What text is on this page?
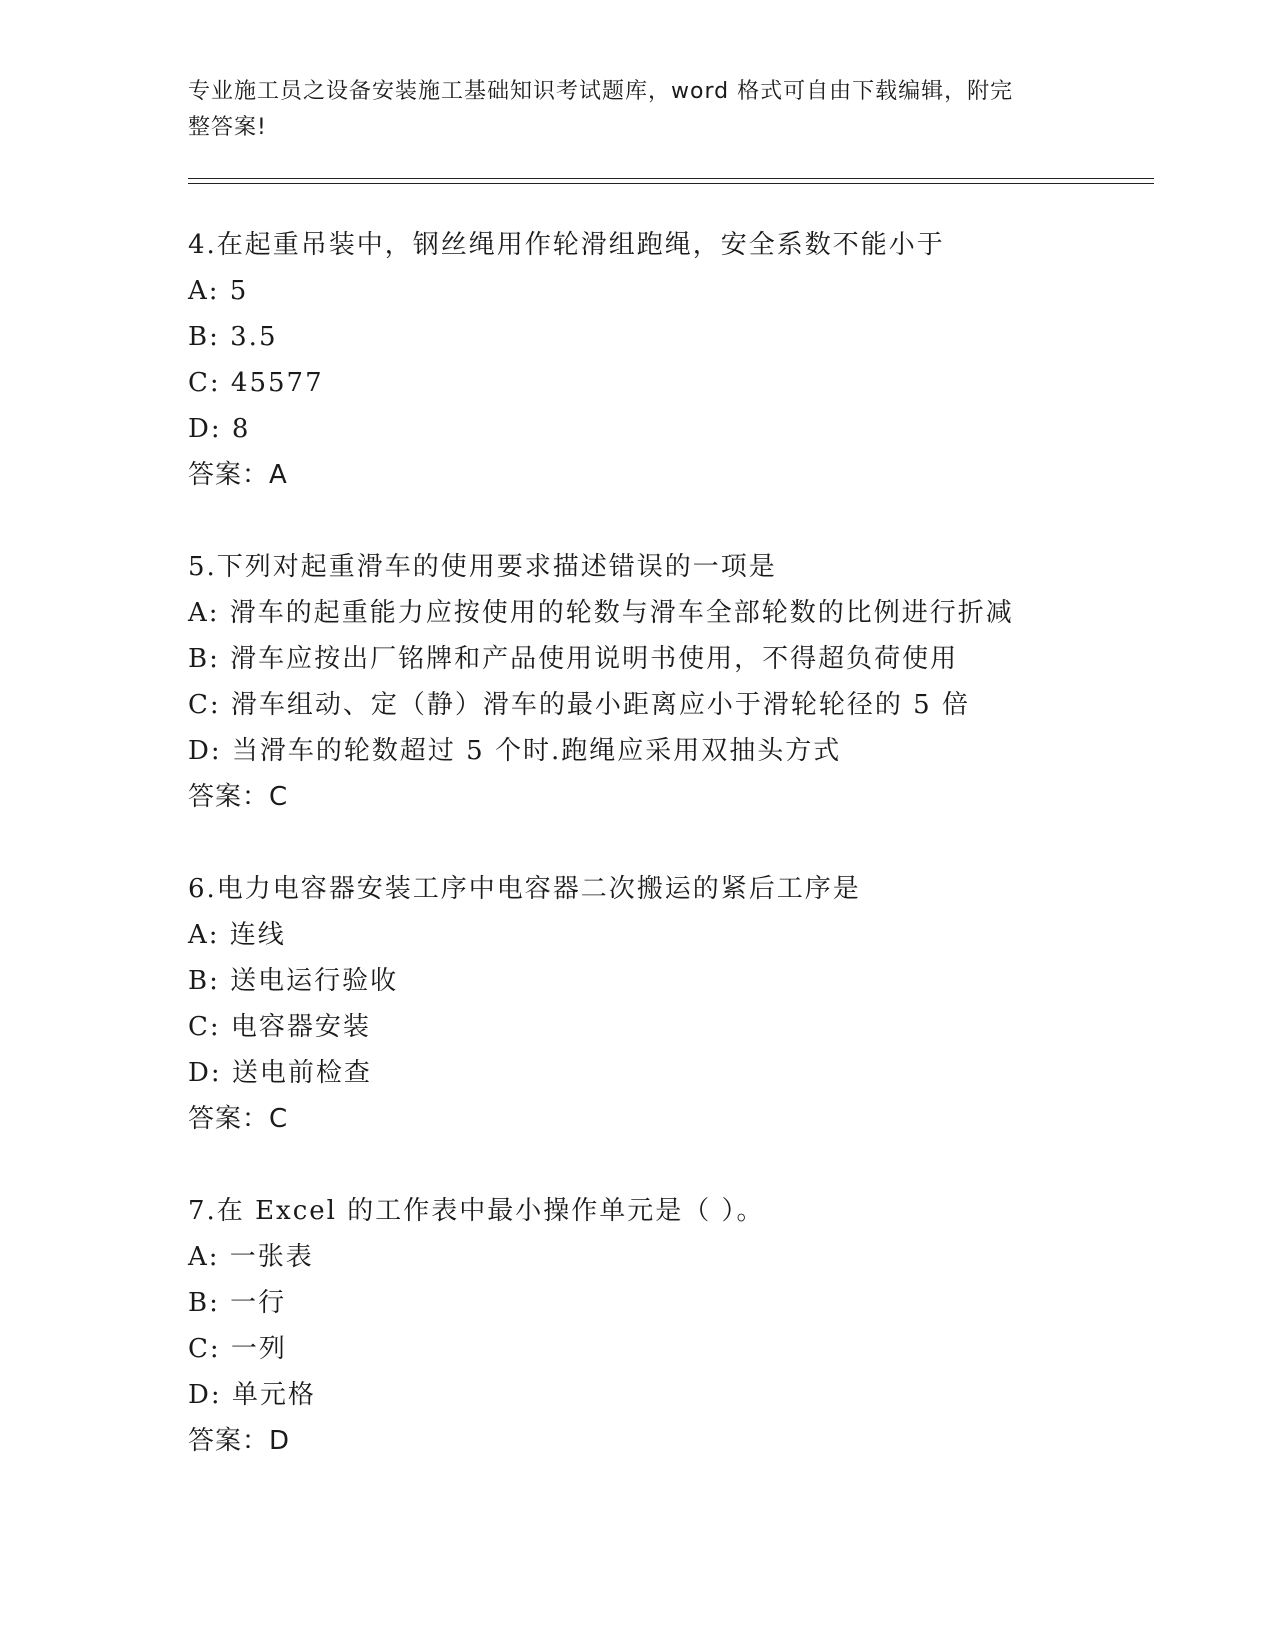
专业施工员之设备安装施工基础知识考试题库，word 格式可自由下载编辑，附完
整答案!
4.在起重吊装中，钢丝绳用作轮滑组跑绳，安全系数不能小于
A: 5
B: 3.5
C: 45577
D: 8
答案：A
5.下列对起重滑车的使用要求描述错误的一项是
A: 滑车的起重能力应按使用的轮数与滑车全部轮数的比例进行折减
B: 滑车应按出厂铭牌和产品使用说明书使用，不得超负荷使用
C: 滑车组动、定（静）滑车的最小距离应小于滑轮轮径的 5 倍
D: 当滑车的轮数超过 5 个时.跑绳应采用双抽头方式
答案：C
6.电力电容器安装工序中电容器二次搬运的紧后工序是
A: 连线
B: 送电运行验收
C: 电容器安装
D: 送电前检查
答案：C
7.在 Excel 的工作表中最小操作单元是（ ）。
A: 一张表
B: 一行
C: 一列
D: 单元格
答案：D
